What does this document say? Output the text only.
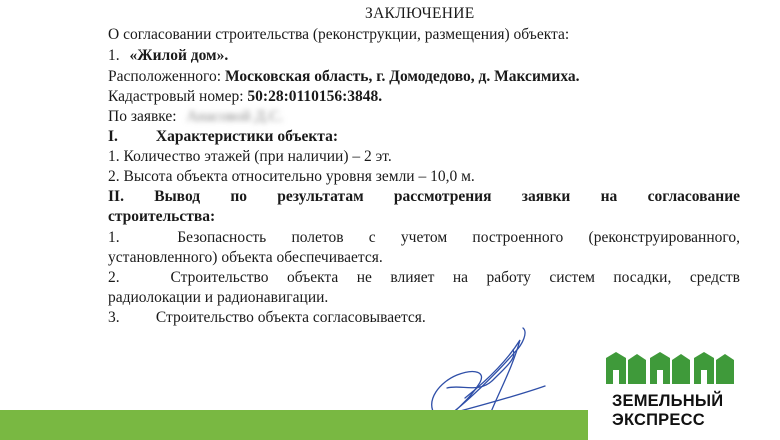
ЗАКЛЮЧЕНИЕ
О согласовании строительства (реконструкции, размещения) объекта:
1. «Жилой дом».
Расположенного: Московская область, г. Домодедово, д. Максимиха.
Кадастровый номер: 50:28:0110156:3848.
По заявке: Анасовой Д.С.
I. Характеристики объекта:
1. Количество этажей (при наличии) – 2 эт.
2. Высота объекта относительно уровня земли – 10,0 м.
II. Вывод по результатам рассмотрения заявки на согласование
строительства:
1.	Безопасность полетов с учетом построенного (реконструированного,
установленного) объекта обеспечивается.
2.	Строительство объекта не влияет на работу систем посадки, средств
радиолокации и радионавигации.
3. Строительство объекта согласовывается.
ЗЕМЕЛЬНЫЙ
ЭКСПРЕСС
